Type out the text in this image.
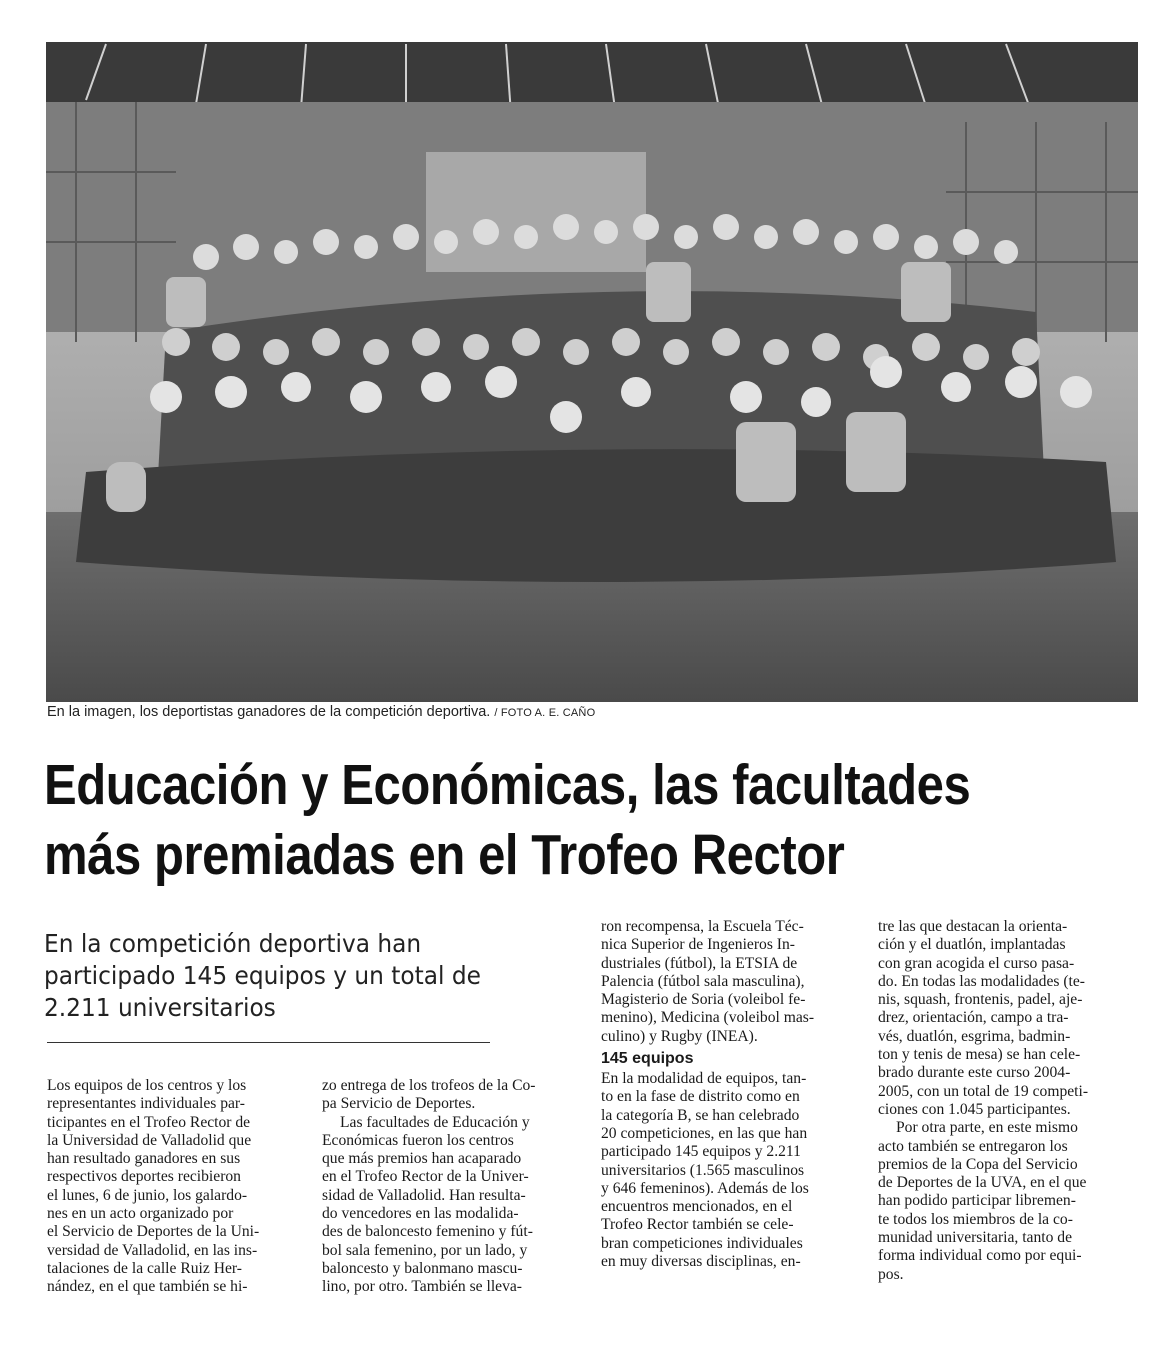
En la imagen, los deportistas ganadores de la competición deportiva. / FOTO A. E. CAÑO
Educación y Económicas, las facultades
más premiadas en el Trofeo Rector
En la competición deportiva han
participado 145 equipos y un total de
2.211 universitarios

Los equipos de los centros y los
representantes individuales par-
ticipantes en el Trofeo Rector de
la Universidad de Valladolid que
han resultado ganadores en sus
respectivos deportes recibieron
el lunes, 6 de junio, los galardo-
nes en un acto organizado por
el Servicio de Deportes de la Uni-
versidad de Valladolid, en las ins-
talaciones de la calle Ruiz Her-
nández, en el que también se hi-

zo entrega de los trofeos de la Co-
pa Servicio de Deportes.

Las facultades de Educación y
Económicas fueron los centros
que más premios han acaparado
en el Trofeo Rector de la Univer-
sidad de Valladolid. Han resulta-
do vencedores en las modalida-
des de baloncesto femenino y fút-
bol sala femenino, por un lado, y
baloncesto y balonmano mascu-
lino, por otro. También se lleva-

ron recompensa, la Escuela Téc-
nica Superior de Ingenieros In-
dustriales (fútbol), la ETSIA de
Palencia (fútbol sala masculina),
Magisterio de Soria (voleibol fe-
menino), Medicina (voleibol mas-
culino) y Rugby (INEA).

145 equipos

En la modalidad de equipos, tan-
to en la fase de distrito como en
la categoría B, se han celebrado
20 competiciones, en las que han
participado 145 equipos y 2.211
universitarios (1.565 masculinos
y 646 femeninos). Además de los
encuentros mencionados, en el
Trofeo Rector también se cele-
bran competiciones individuales
en muy diversas disciplinas, en-

tre las que destacan la orienta-
ción y el duatlón, implantadas
con gran acogida el curso pasa-
do. En todas las modalidades (te-
nis, squash, frontenis, padel, aje-
drez, orientación, campo a tra-
vés, duatlón, esgrima, badmin-
ton y tenis de mesa) se han cele-
brado durante este curso 2004-
2005, con un total de 19 competi-
ciones con 1.045 participantes.

Por otra parte, en este mismo
acto también se entregaron los
premios de la Copa del Servicio
de Deportes de la UVA, en el que
han podido participar libremen-
te todos los miembros de la co-
munidad universitaria, tanto de
forma individual como por equi-
pos.
